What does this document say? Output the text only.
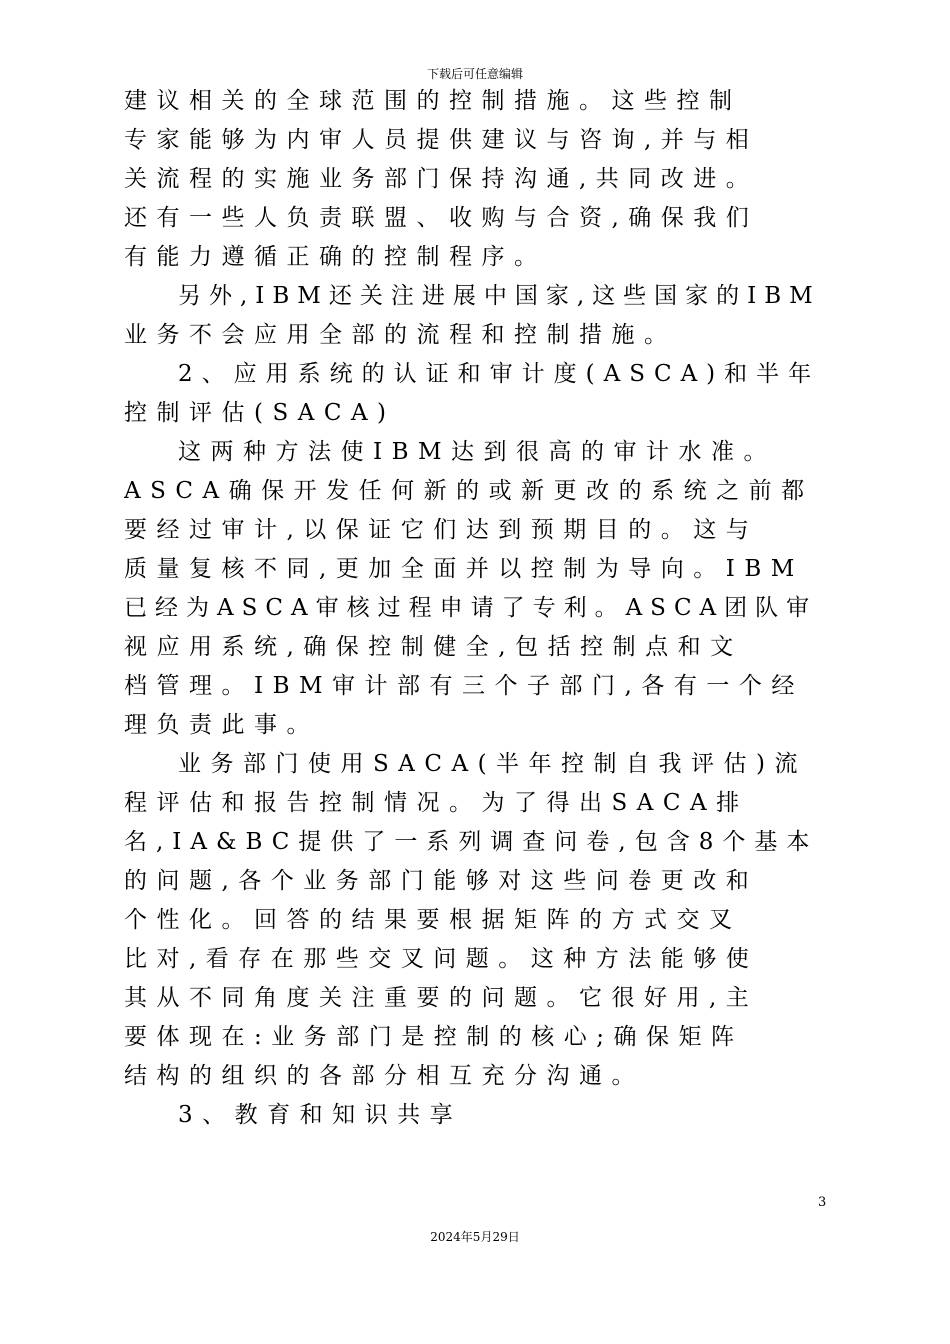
下载后可任意编辑
建议相关的全球范围的控制措施。这些控制
专家能够为内审人员提供建议与咨询,并与相
关流程的实施业务部门保持沟通,共同改进。
还有一些人负责联盟、收购与合资,确保我们
有能力遵循正确的控制程序。
另外,IBM还关注进展中国家,这些国家的IBM
业务不会应用全部的流程和控制措施。
2、应用系统的认证和审计度(ASCA)和半年
控制评估(SACA)
这两种方法使IBM达到很高的审计水准。
ASCA确保开发任何新的或新更改的系统之前都
要经过审计,以保证它们达到预期目的。这与
质量复核不同,更加全面并以控制为导向。IBM
已经为ASCA审核过程申请了专利。ASCA团队审
视应用系统,确保控制健全,包括控制点和文
档管理。IBM审计部有三个子部门,各有一个经
理负责此事。
业务部门使用SACA(半年控制自我评估)流
程评估和报告控制情况。为了得出SACA排
名,IA&BC提供了一系列调查问卷,包含8个基本
的问题,各个业务部门能够对这些问卷更改和
个性化。回答的结果要根据矩阵的方式交叉
比对,看存在那些交叉问题。这种方法能够使
其从不同角度关注重要的问题。它很好用,主
要体现在:业务部门是控制的核心;确保矩阵
结构的组织的各部分相互充分沟通。
3、教育和知识共享
3
2024年5月29日
